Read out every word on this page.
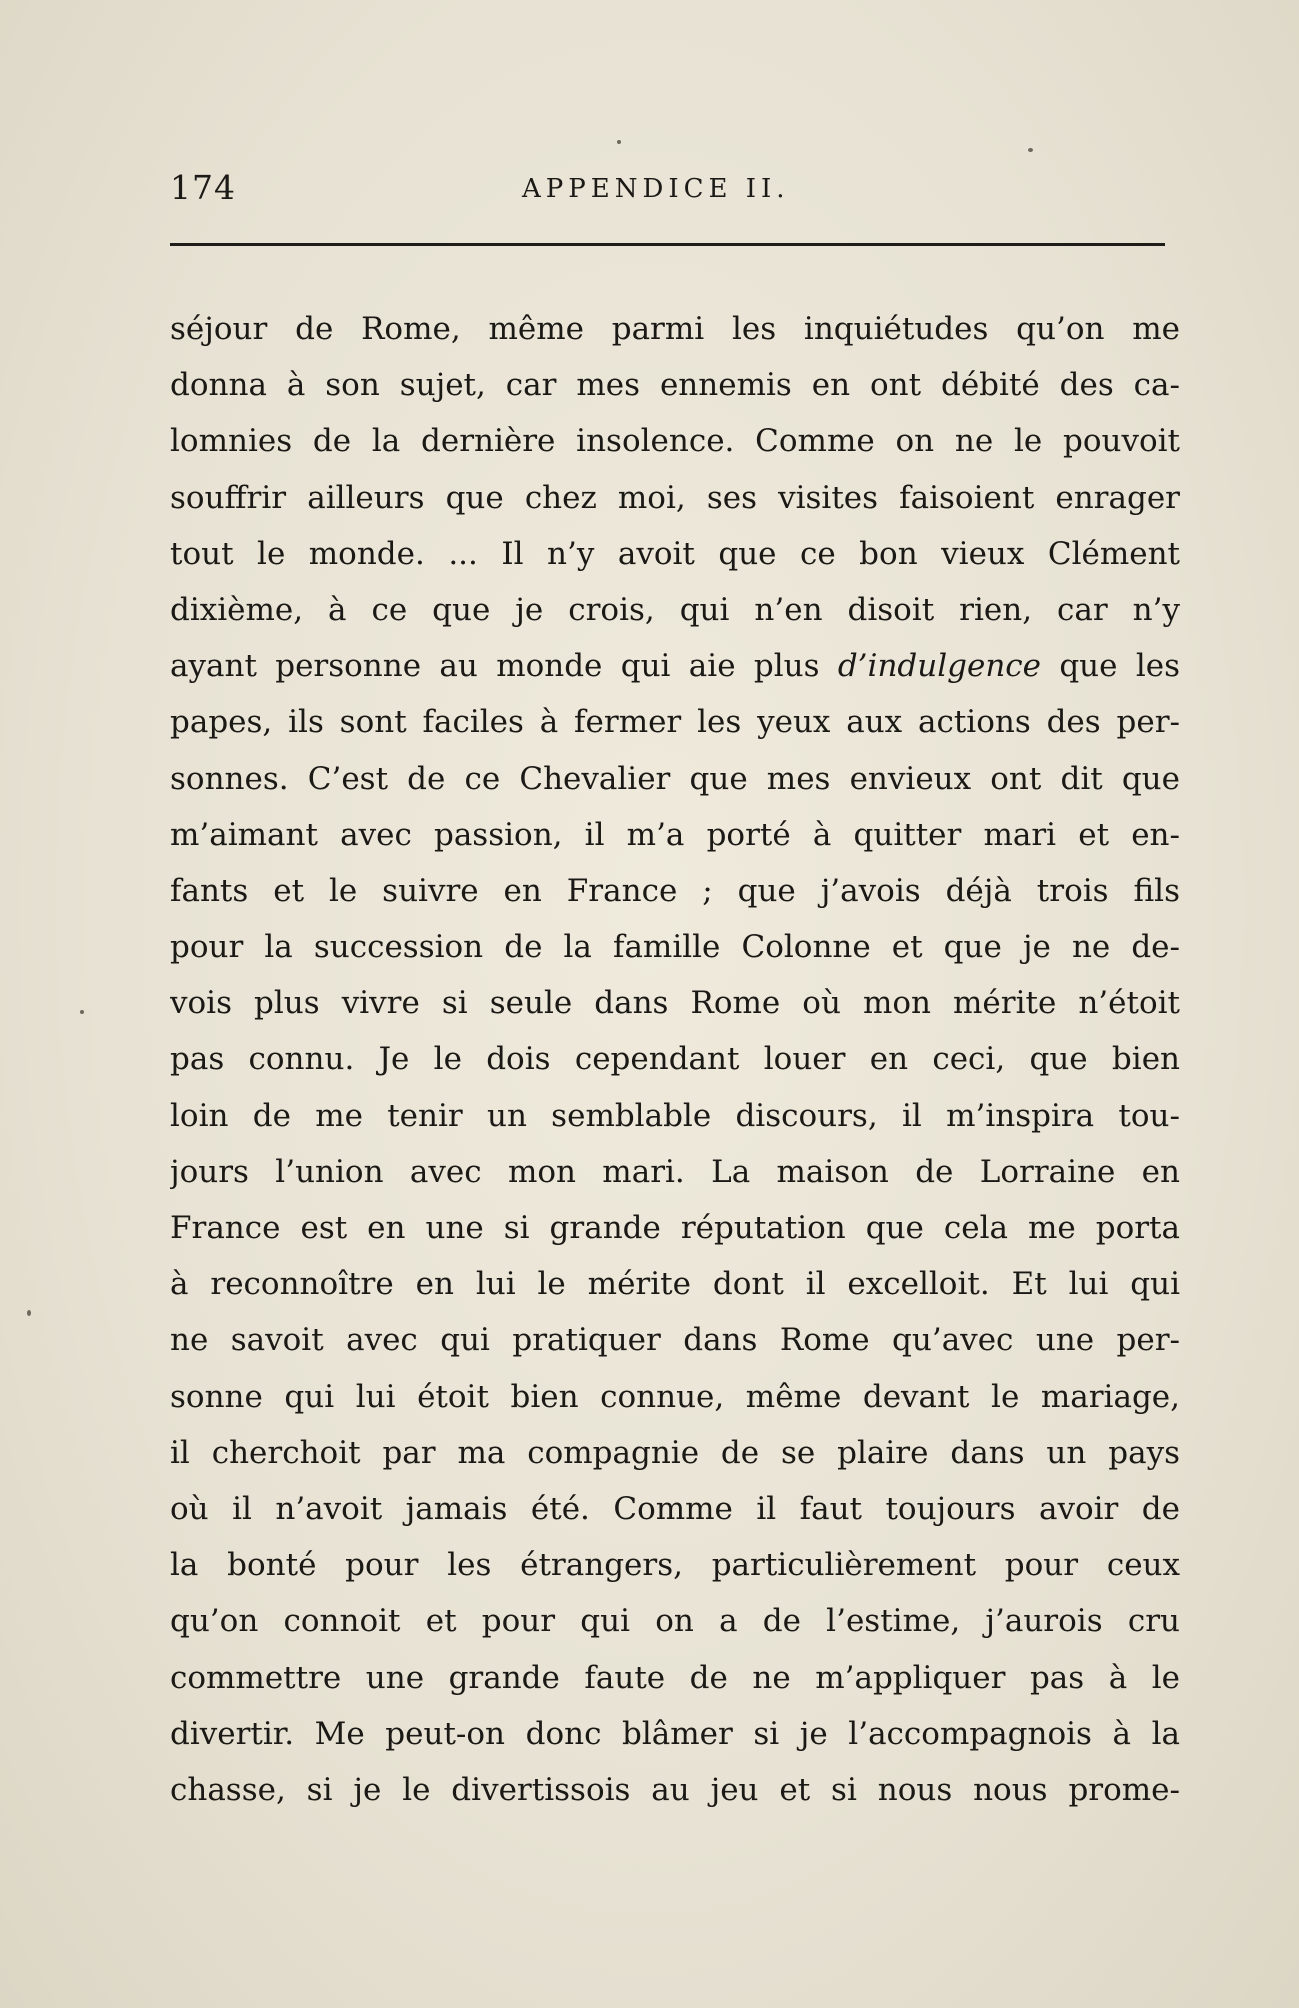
174	APPENDICE II.
séjour de Rome, même parmi les inquiétudes qu’on me
donna à son sujet, car mes ennemis en ont débité des ca-
lomnies de la dernière insolence. Comme on ne le pouvoit
souffrir ailleurs que chez moi, ses visites faisoient enrager
tout le monde. ... Il n’y avoit que ce bon vieux Clément
dixième, à ce que je crois, qui n’en disoit rien, car n’y
ayant personne au monde qui aie plus d’indulgence que les
papes, ils sont faciles à fermer les yeux aux actions des per-
sonnes. C’est de ce Chevalier que mes envieux ont dit que
m’aimant avec passion, il m’a porté à quitter mari et en-
fants et le suivre en France ; que j’avois déjà trois fils
pour la succession de la famille Colonne et que je ne de-
vois plus vivre si seule dans Rome où mon mérite n’étoit
pas connu. Je le dois cependant louer en ceci, que bien
loin de me tenir un semblable discours, il m’inspira tou-
jours l’union avec mon mari. La maison de Lorraine en
France est en une si grande réputation que cela me porta
à reconnoître en lui le mérite dont il excelloit. Et lui qui
ne savoit avec qui pratiquer dans Rome qu’avec une per-
sonne qui lui étoit bien connue, même devant le mariage,
il cherchoit par ma compagnie de se plaire dans un pays
où il n’avoit jamais été. Comme il faut toujours avoir de
la bonté pour les étrangers, particulièrement pour ceux
qu’on connoit et pour qui on a de l’estime, j’aurois cru
commettre une grande faute de ne m’appliquer pas à le
divertir. Me peut-on donc blâmer si je l’accompagnois à la
chasse, si je le divertissois au jeu et si nous nous prome-
